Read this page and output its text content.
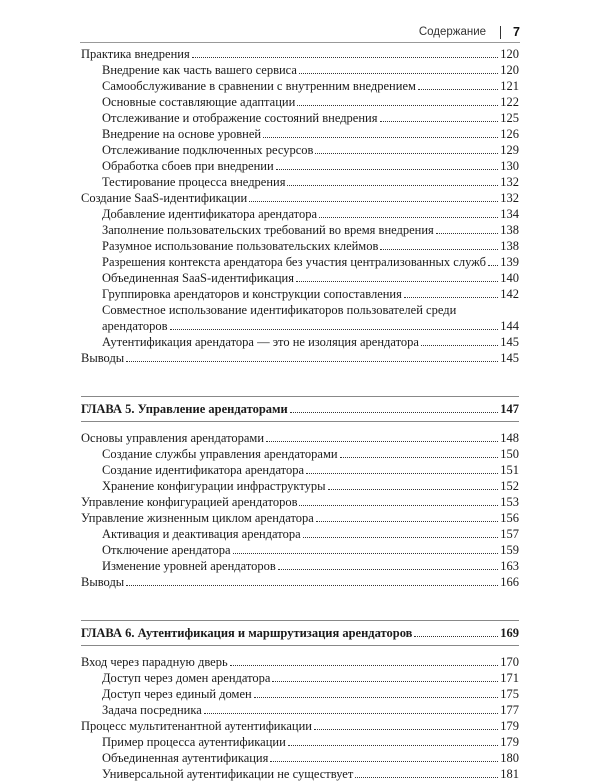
Содержание 7
Практика внедрения	120
Внедрение как часть вашего сервиса	120
Самообслуживание в сравнении с внутренним внедрением	121
Основные составляющие адаптации	122
Отслеживание и отображение состояний внедрения	125
Внедрение на основе уровней	126
Отслеживание подключенных ресурсов	129
Обработка сбоев при внедрении	130
Тестирование процесса внедрения	132
Создание SaaS-идентификации	132
Добавление идентификатора арендатора	134
Заполнение пользовательских требований во время внедрения	138
Разумное использование пользовательских клеймов	138
Разрешения контекста арендатора без участия централизованных служб 139
Объединенная SaaS-идентификация	140
Группировка арендаторов и конструкции сопоставления	142
Совместное использование идентификаторов пользователей среди
арендаторов	144
Аутентификация арендатора — это не изоляция арендатора	145
Выводы	145
ГЛАВА 5. Управление арендаторами	147
Основы управления арендаторами	148
Создание службы управления арендаторами	150
Создание идентификатора арендатора	151
Хранение конфигурации инфраструктуры	152
Управление конфигурацией арендаторов	153
Управление жизненным циклом арендатора	156
Активация и деактивация арендатора	157
Отключение арендатора	159
Изменение уровней арендаторов	163
Выводы	166
ГЛАВА 6. Аутентификация и маршрутизация арендаторов	169
Вход через парадную дверь	170
Доступ через домен арендатора	171
Доступ через единый домен	175
Задача посредника	177
Процесс мультитенантной аутентификации	179
Пример процесса аутентификации	179
Объединенная аутентификация	180
Универсальной аутентификации не существует	181
